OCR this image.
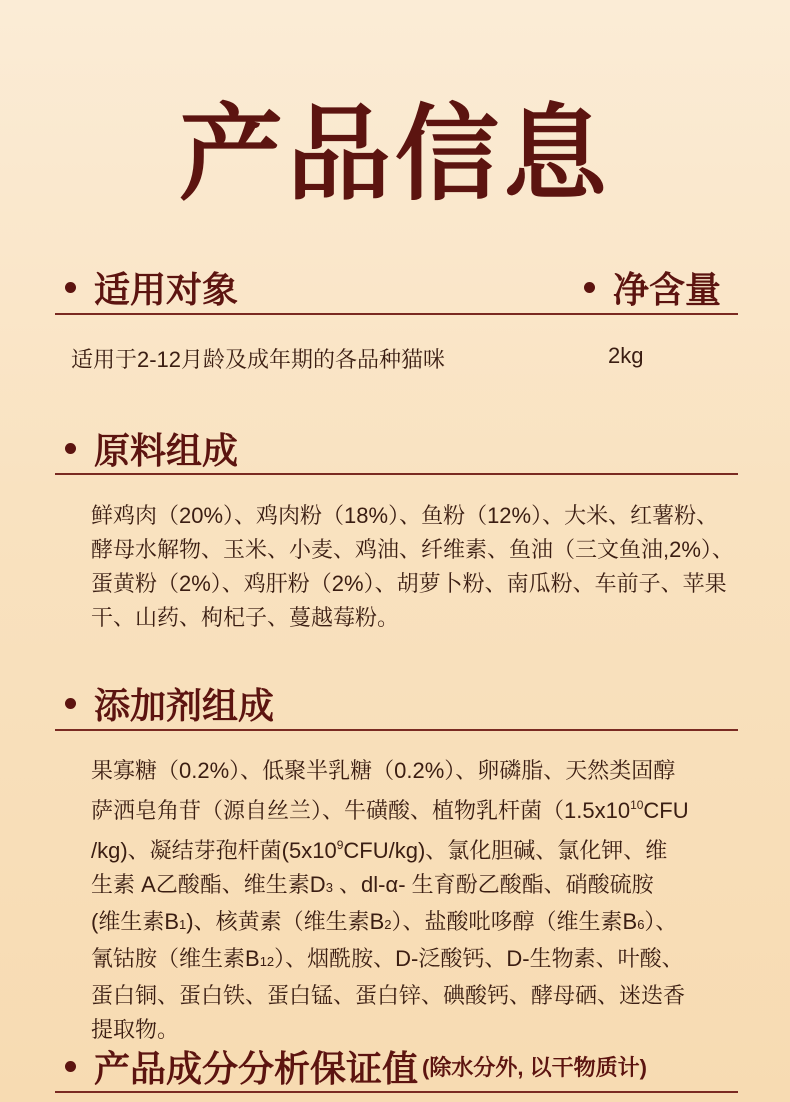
产品信息
适用对象	净含量
适用于2-12月龄及成年期的各品种猫咪	2kg
原料组成

鲜鸡肉（20%）、鸡肉粉（18%）、鱼粉（12%）、大米、红薯粉、

酵母水解物、玉米、小麦、鸡油、纤维素、鱼油（三文鱼油,2%）、

蛋黄粉（2%）、鸡肝粉（2%）、胡萝卜粉、南瓜粉、车前子、苹果

干、山药、枸杞子、蔓越莓粉。

添加剂组成

果寡糖（0.2%）、低聚半乳糖（0.2%）、卵磷脂、天然类固醇

萨洒皂角苷（源自丝兰）、牛磺酸、植物乳杆菌（$1.5x10^{10}CFU$

/kg)、凝结芽孢杆菌$(5x10^9CFU/kg)$、氯化胆碱、氯化钾、维

生素 A乙酸酯、维生素D3 、dl-α- 生育酚乙酸酯、硝酸硫胺

(维生素B1)、核黄素（维生素B2）、盐酸吡哆醇（维生素B6）、

氰钴胺（维生素B12）、烟酰胺、D-泛酸钙、D-生物素、叶酸、

蛋白铜、蛋白铁、蛋白锰、蛋白锌、碘酸钙、酵母硒、迷迭香

提取物。

产品成分分析保证值 (除水分外, 以干物质计)
